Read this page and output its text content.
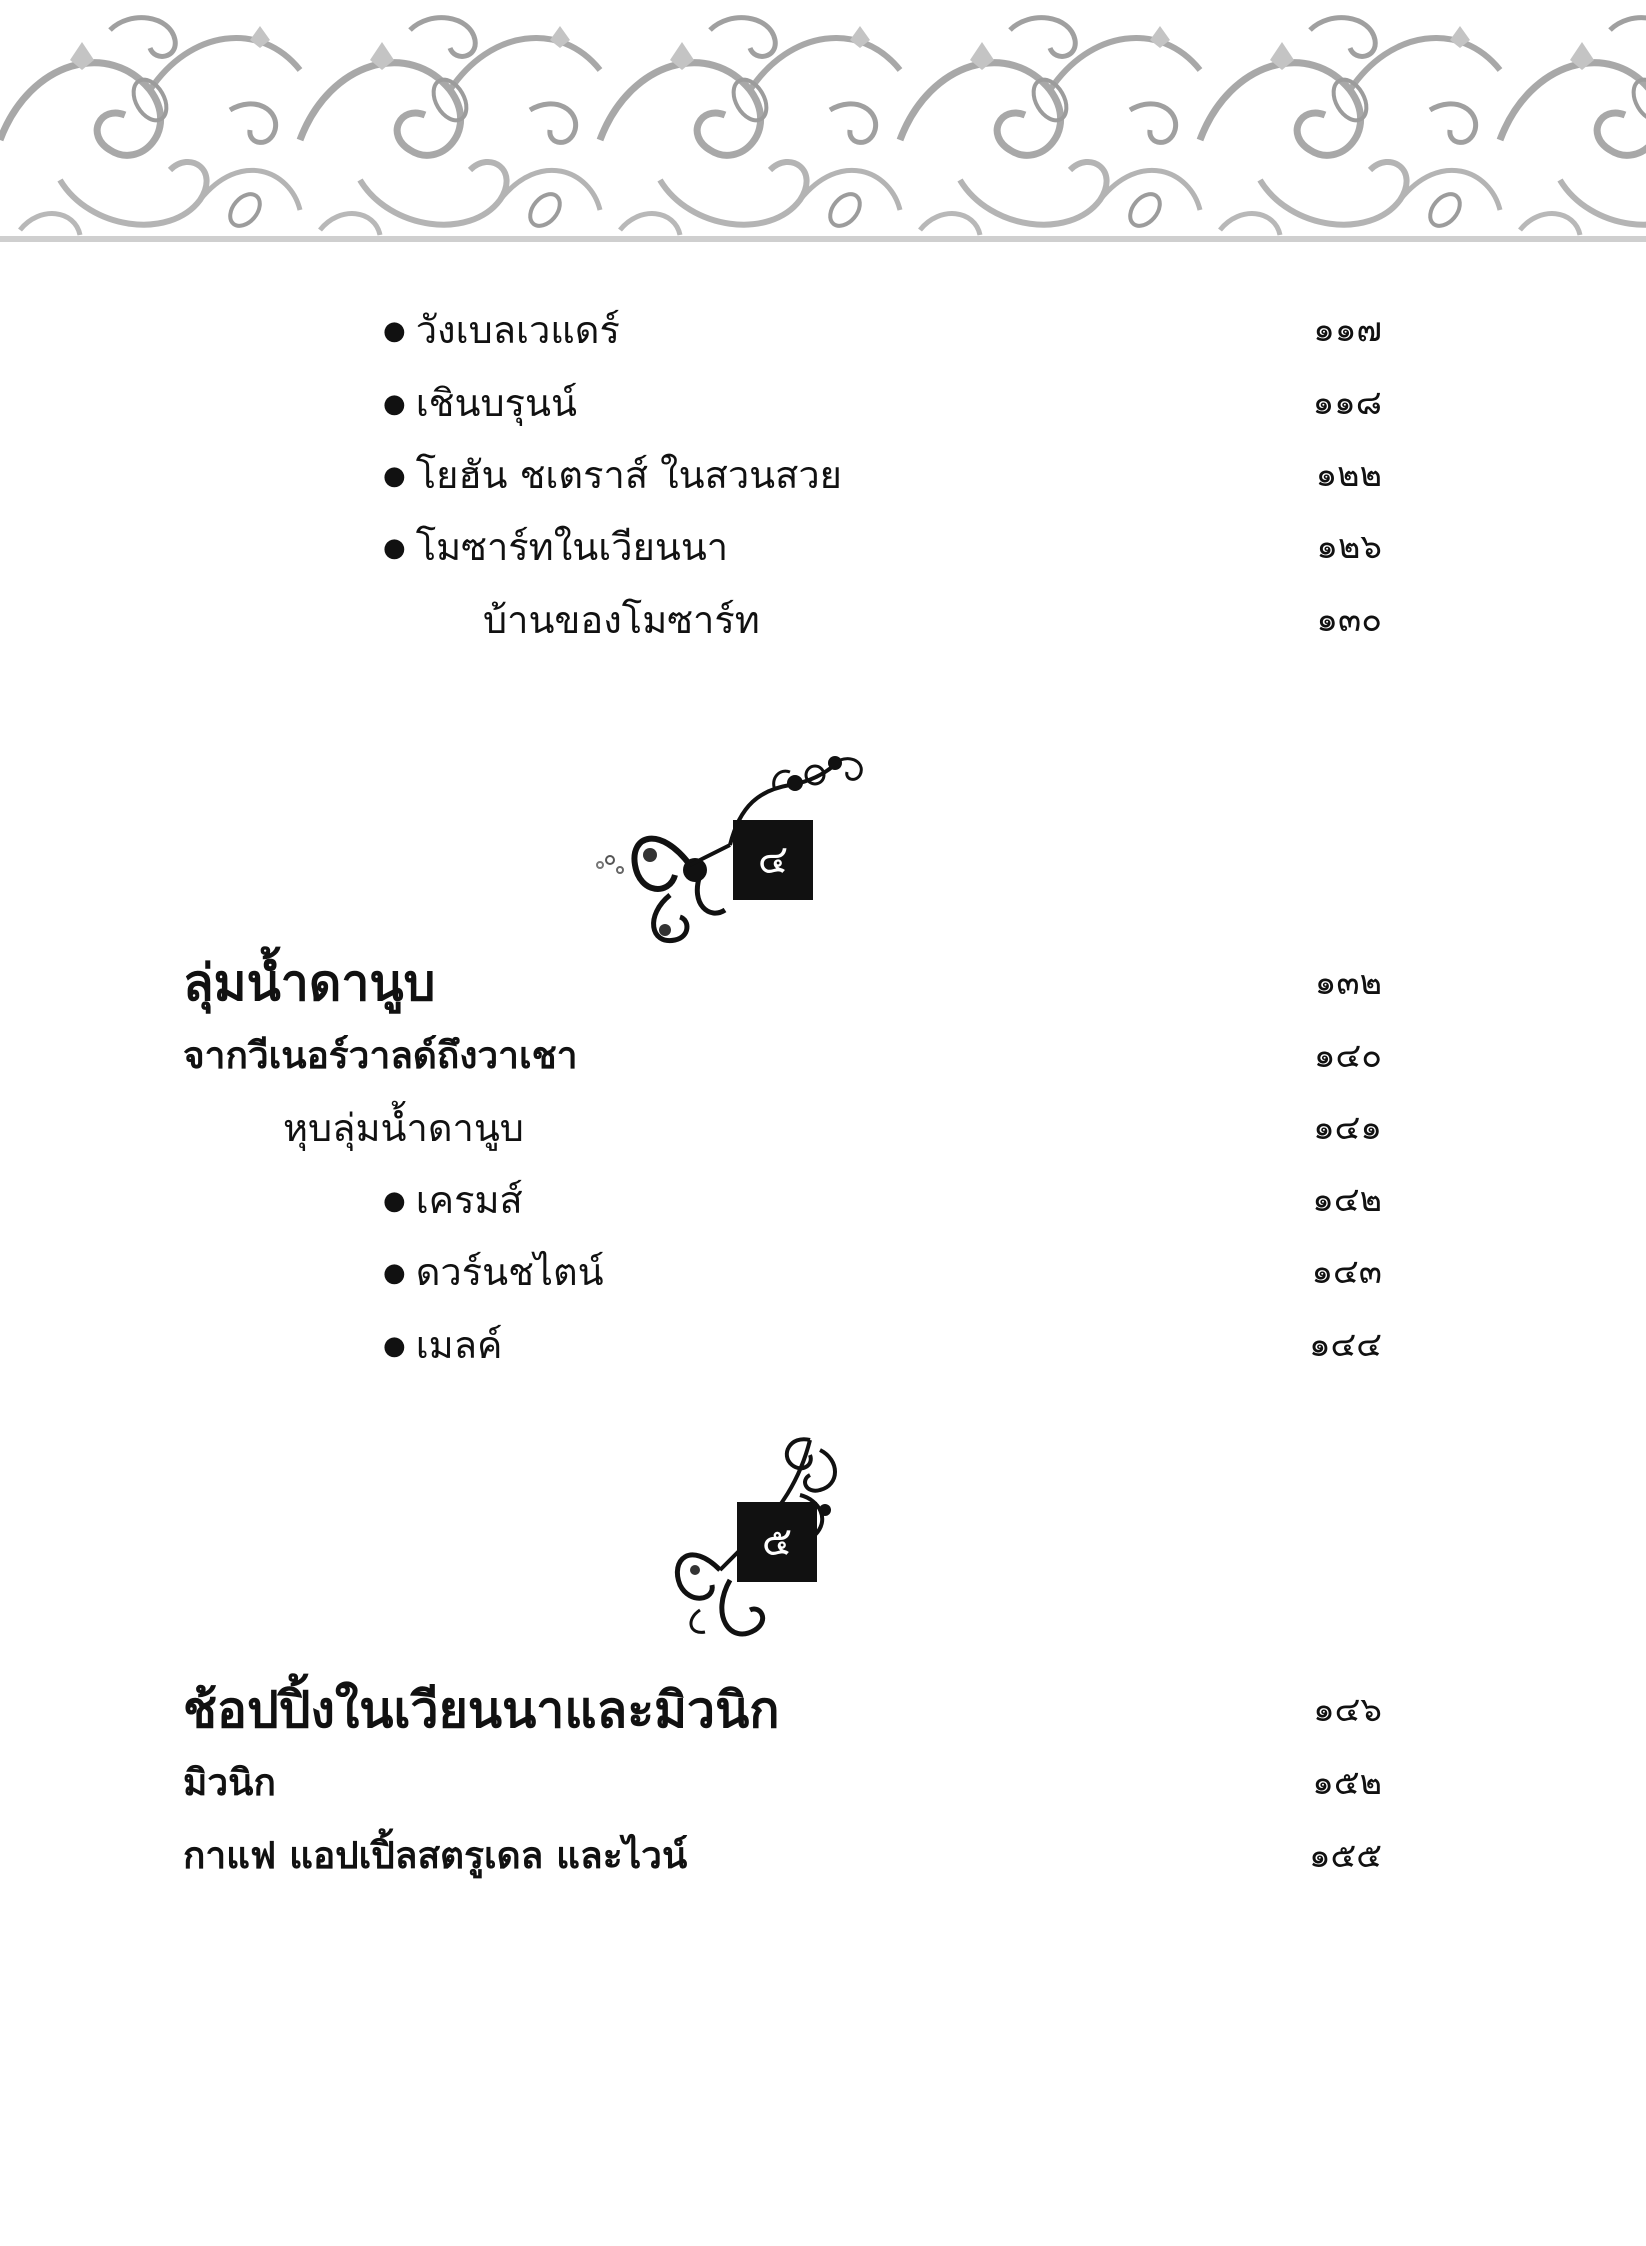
● วังเบลเวแดร์	๑๑๗
● เชินบรุนน์	๑๑๘
● โยฮัน ชเตราส์ ในสวนสวย	๑๒๒
● โมซาร์ทในเวียนนา	๑๒๖
บ้านของโมซาร์ท	๑๓๐
๔
ลุ่มน้ำดานูบ	๑๓๒
จากวีเนอร์วาลด์ถึงวาเชา	๑๔๐
หุบลุ่มน้ำดานูบ	๑๔๑
● เครมส์	๑๔๒
● ดวร์นชไตน์	๑๔๓
● เมลค์	๑๔๔
๕
ช้อปปิ้งในเวียนนาและมิวนิก	๑๔๖
มิวนิก	๑๕๒
กาแฟ แอปเปิ้ลสตรูเดล และไวน์	๑๕๕
